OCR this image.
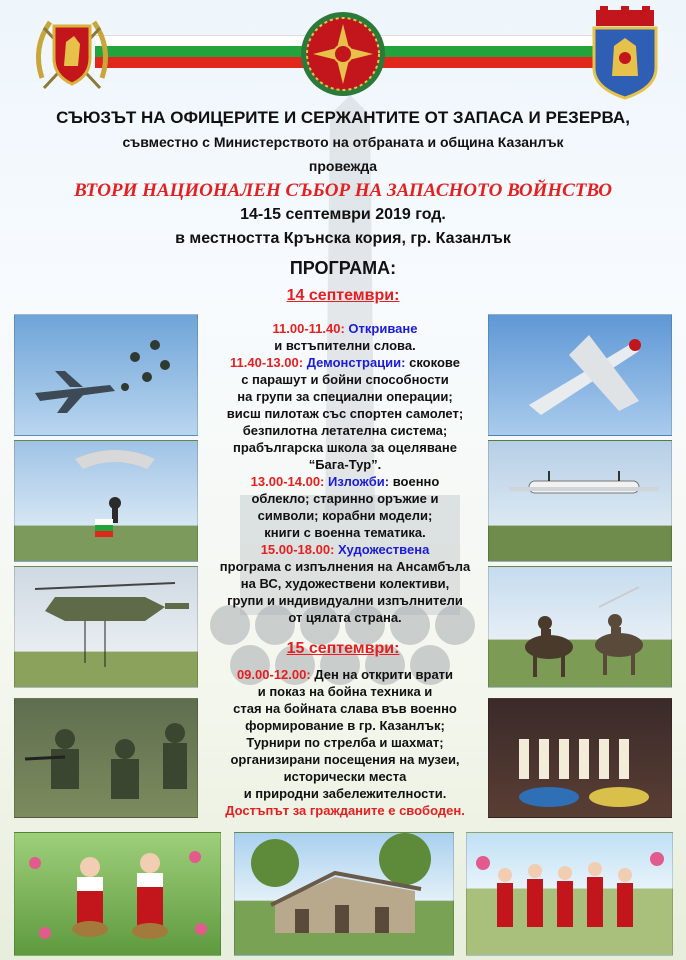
СЪЮЗЪТ НА ОФИЦЕРИТЕ И СЕРЖАНТИТЕ ОТ ЗАПАСА И РЕЗЕРВА,
съвместно с Министерството на отбраната и община Казанлък
провежда
ВТОРИ НАЦИОНАЛЕН СЪБОР НА ЗАПАСНОТО ВОЙНСТВО
14-15 септември 2019 год.
в местността Крънска кория, гр. Казанлък
ПРОГРАМА:
14 септември:
11.00-11.40: Откриване
и встъпителни слова.
11.40-13.00: Демонстрации: скокове
с парашут и бойни способности
на групи за специални операции;
висш пилотаж със спортен самолет;
безпилотна летателна система;
прабългарска школа за оцеляване
“Бага-Тур”.
13.00-14.00: Изложби: военно
облекло; старинно оръжие и
символи; корабни модели;
книги с военна тематика.
15.00-18.00: Художествена
програма с изпълнения на Ансамбъла
на ВС, художествени колективи,
групи и индивидуални изпълнители
от цялата страна.
15 септември:
09.00-12.00: Ден на открити врати
и показ на бойна техника и
стая на бойната слава във военно
формирование в гр. Казанлък;
Турнири по стрелба и шахмат;
организирани посещения на музеи,
исторически места
и природни забележителности.
Достъпът за гражданите е свободен.
